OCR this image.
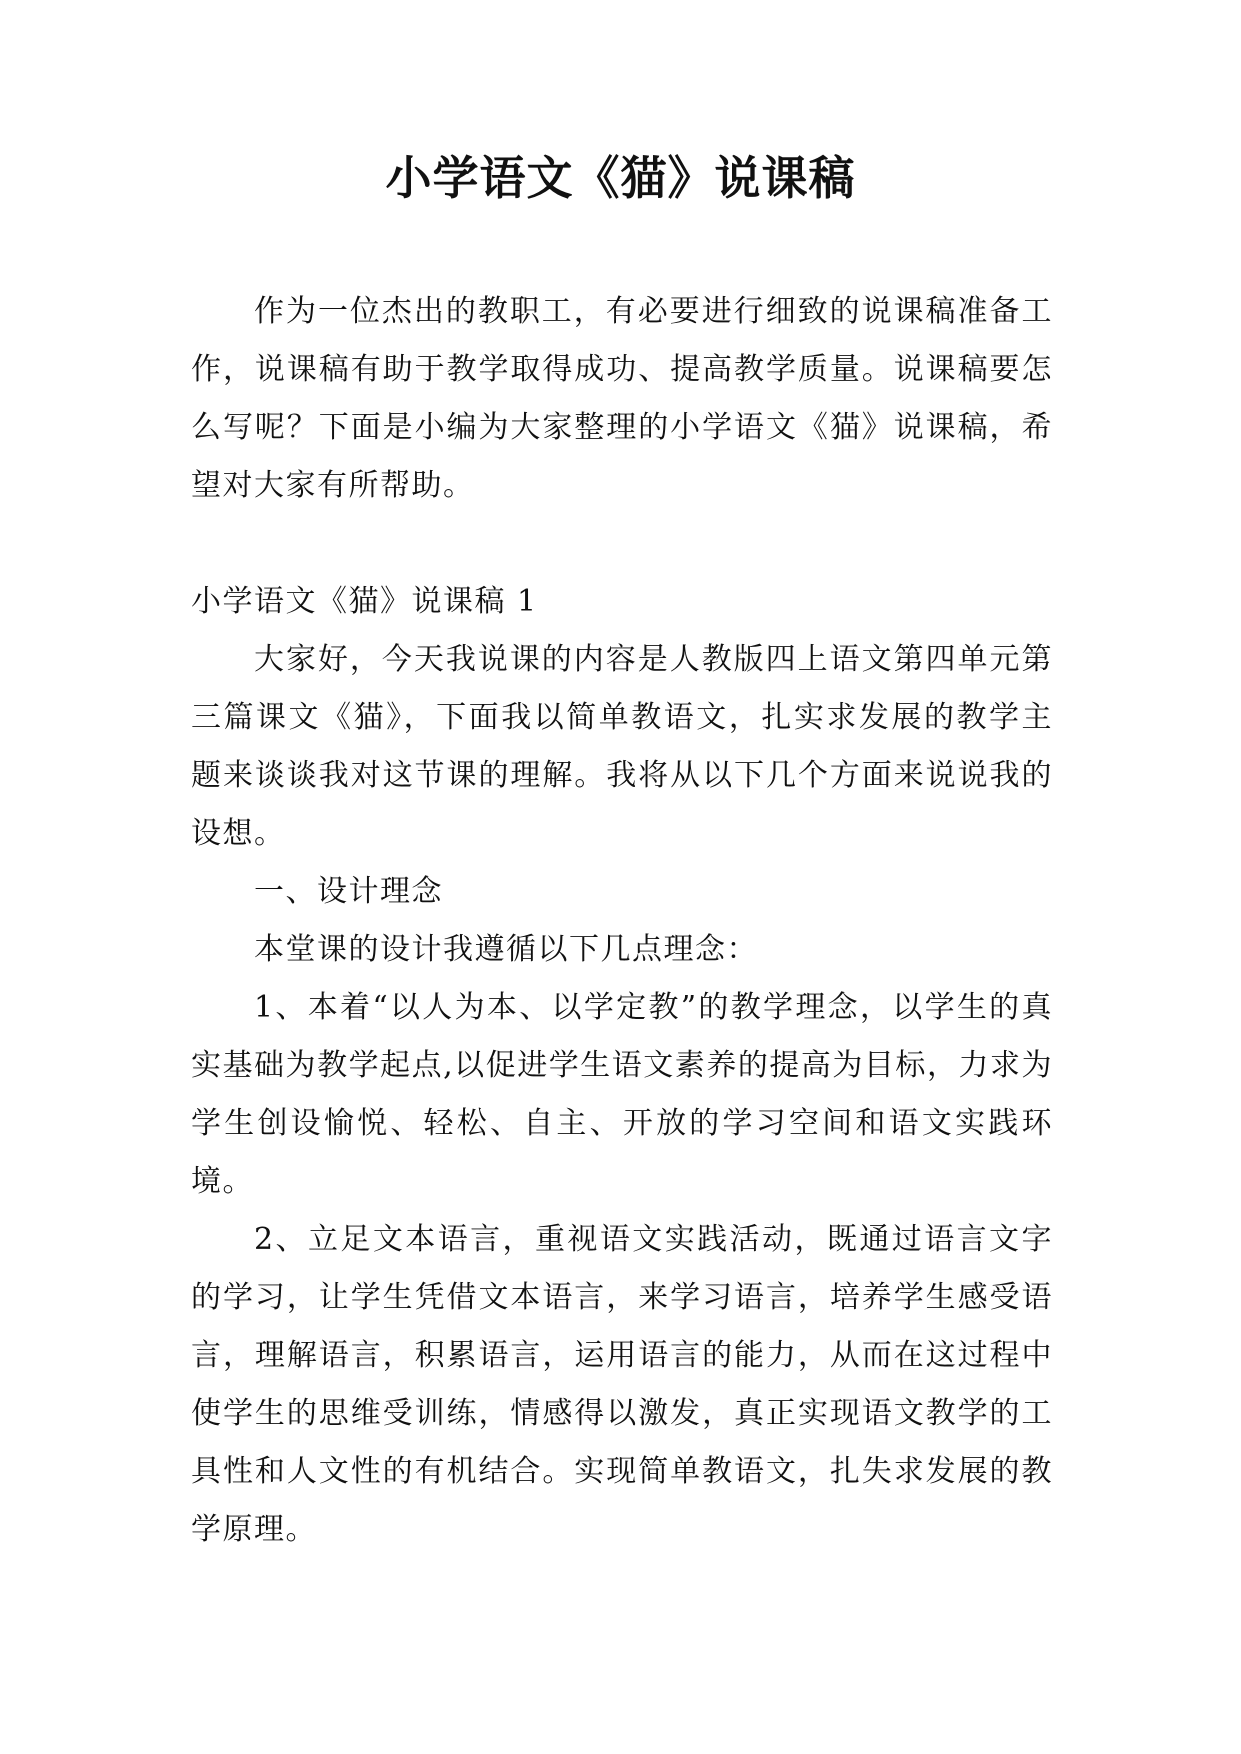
小学语文《猫》说课稿

作为一位杰出的教职工，有必要进行细致的说课稿准备工作，说课稿有助于教学取得成功、提高教学质量。说课稿要怎么写呢？下面是小编为大家整理的小学语文《猫》说课稿，希望对大家有所帮助。

小学语文《猫》说课稿 1

大家好，今天我说课的内容是人教版四上语文第四单元第三篇课文《猫》，下面我以简单教语文，扎实求发展的教学主题来谈谈我对这节课的理解。我将从以下几个方面来说说我的设想。

一、设计理念

本堂课的设计我遵循以下几点理念：

1、本着“以人为本、以学定教”的教学理念，以学生的真实基础为教学起点,以促进学生语文素养的提高为目标，力求为学生创设愉悦、轻松、自主、开放的学习空间和语文实践环境。

2、立足文本语言，重视语文实践活动，既通过语言文字的学习，让学生凭借文本语言，来学习语言，培养学生感受语言，理解语言，积累语言，运用语言的能力，从而在这过程中使学生的思维受训练，情感得以激发，真正实现语文教学的工具性和人文性的有机结合。实现简单教语文，扎失求发展的教学原理。
